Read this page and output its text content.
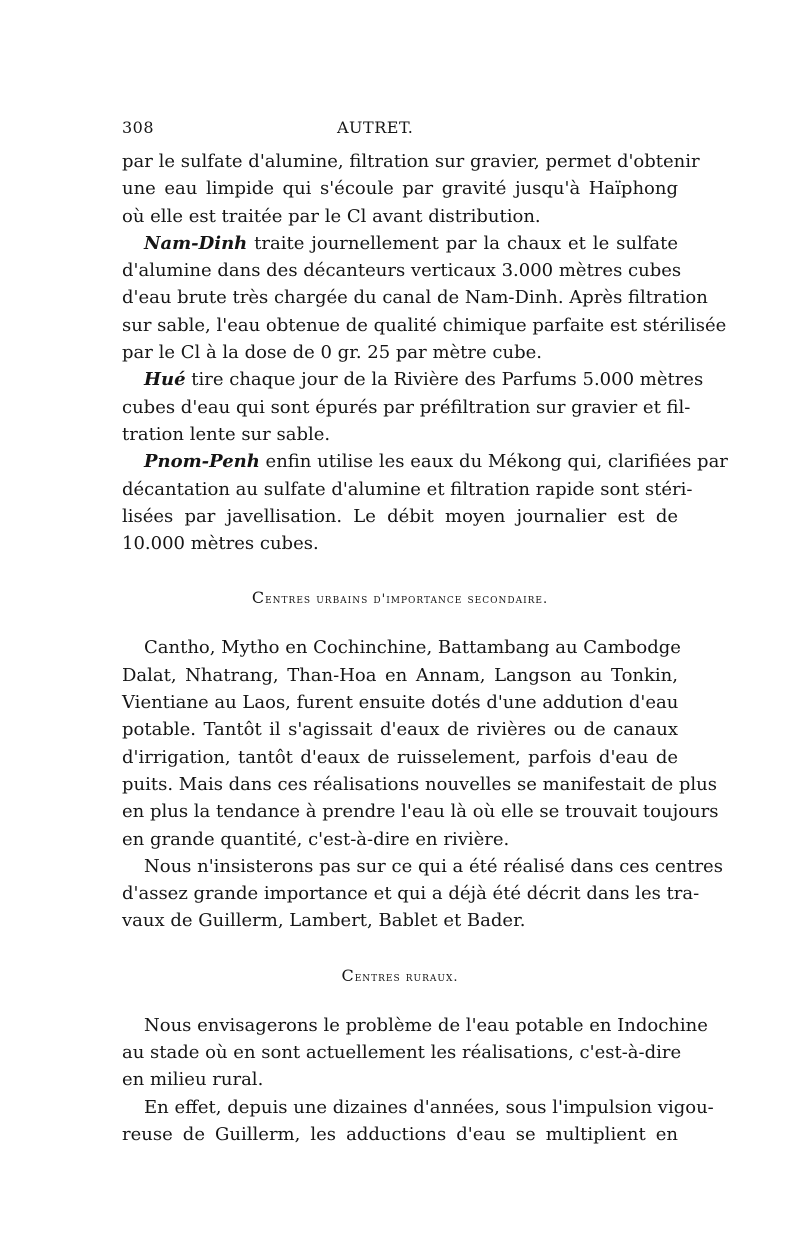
308	AUTRET.
par le sulfate d'alumine, filtration sur gravier, permet d'obtenir
une eau limpide qui s'écoule par gravité jusqu'à Haïphong
où elle est traitée par le Cl avant distribution.
Nam-Dinh traite journellement par la chaux et le sulfate
d'alumine dans des décanteurs verticaux 3.000 mètres cubes
d'eau brute très chargée du canal de Nam-Dinh. Après filtration
sur sable, l'eau obtenue de qualité chimique parfaite est stérilisée
par le Cl à la dose de 0 gr. 25 par mètre cube.
Hué tire chaque jour de la Rivière des Parfums 5.000 mètres
cubes d'eau qui sont épurés par préfiltration sur gravier et fil-
tration lente sur sable.
Pnom-Penh enfin utilise les eaux du Mékong qui, clarifiées par
décantation au sulfate d'alumine et filtration rapide sont stéri-
lisées par javellisation. Le débit moyen journalier est de
10.000 mètres cubes.
Centres urbains d'importance secondaire.
Cantho, Mytho en Cochinchine, Battambang au Cambodge
Dalat, Nhatrang, Than-Hoa en Annam, Langson au Tonkin,
Vientiane au Laos, furent ensuite dotés d'une addution d'eau
potable. Tantôt il s'agissait d'eaux de rivières ou de canaux
d'irrigation, tantôt d'eaux de ruisselement, parfois d'eau de
puits. Mais dans ces réalisations nouvelles se manifestait de plus
en plus la tendance à prendre l'eau là où elle se trouvait toujours
en grande quantité, c'est-à-dire en rivière.
Nous n'insisterons pas sur ce qui a été réalisé dans ces centres
d'assez grande importance et qui a déjà été décrit dans les tra-
vaux de Guillerm, Lambert, Bablet et Bader.
Centres ruraux.
Nous envisagerons le problème de l'eau potable en Indochine
au stade où en sont actuellement les réalisations, c'est-à-dire
en milieu rural.
En effet, depuis une dizaines d'années, sous l'impulsion vigou-
reuse de Guillerm, les adductions d'eau se multiplient en
